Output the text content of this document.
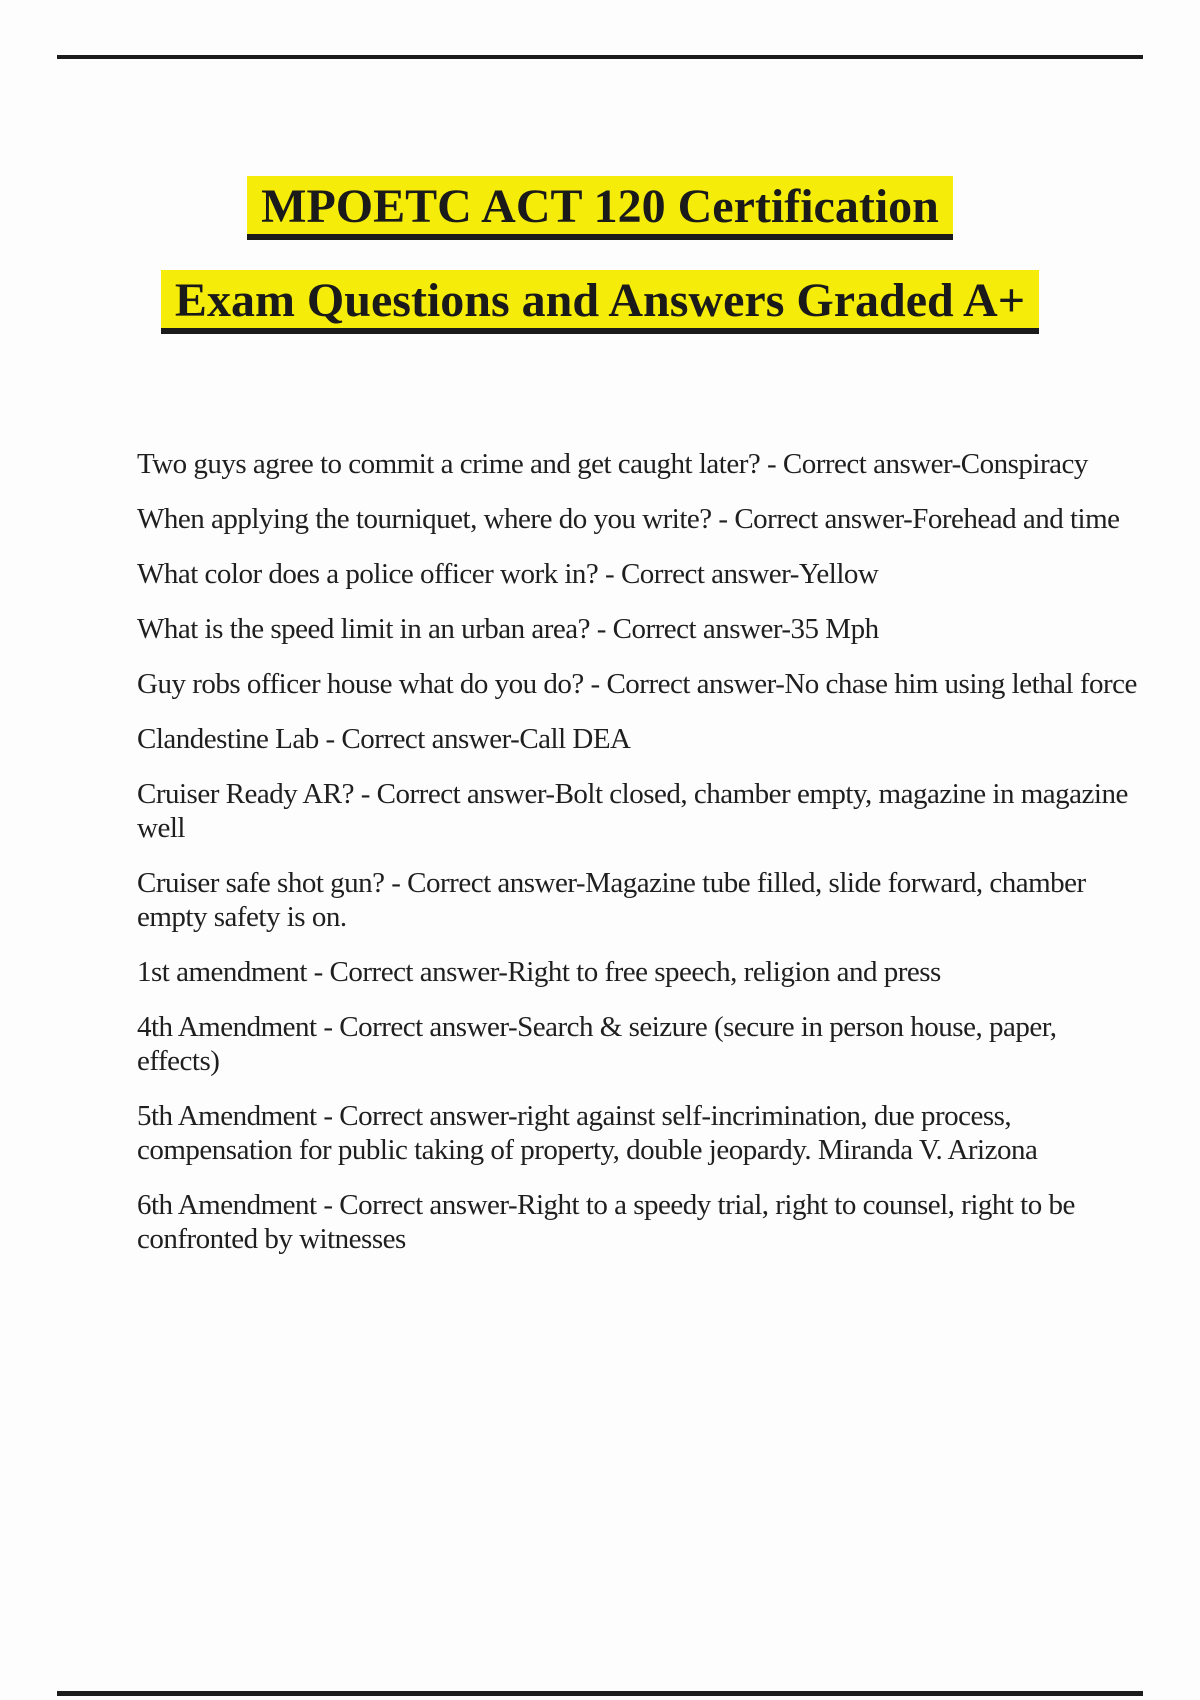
MPOETC ACT 120 Certification
Exam Questions and Answers Graded A+

Two guys agree to commit a crime and get caught later? - Correct answer-Conspiracy

When applying the tourniquet, where do you write? - Correct answer-Forehead and time

What color does a police officer work in? - Correct answer-Yellow

What is the speed limit in an urban area? - Correct answer-35 Mph

Guy robs officer house what do you do? - Correct answer-No chase him using lethal force

Clandestine Lab - Correct answer-Call DEA

Cruiser Ready AR? - Correct answer-Bolt closed, chamber empty, magazine in magazine well

Cruiser safe shot gun? - Correct answer-Magazine tube filled, slide forward, chamber empty safety is on.

1st amendment - Correct answer-Right to free speech, religion and press

4th Amendment - Correct answer-Search & seizure (secure in person house, paper, effects)

5th Amendment - Correct answer-right against self-incrimination, due process, compensation for public taking of property, double jeopardy. Miranda V. Arizona

6th Amendment - Correct answer-Right to a speedy trial, right to counsel, right to be confronted by witnesses
